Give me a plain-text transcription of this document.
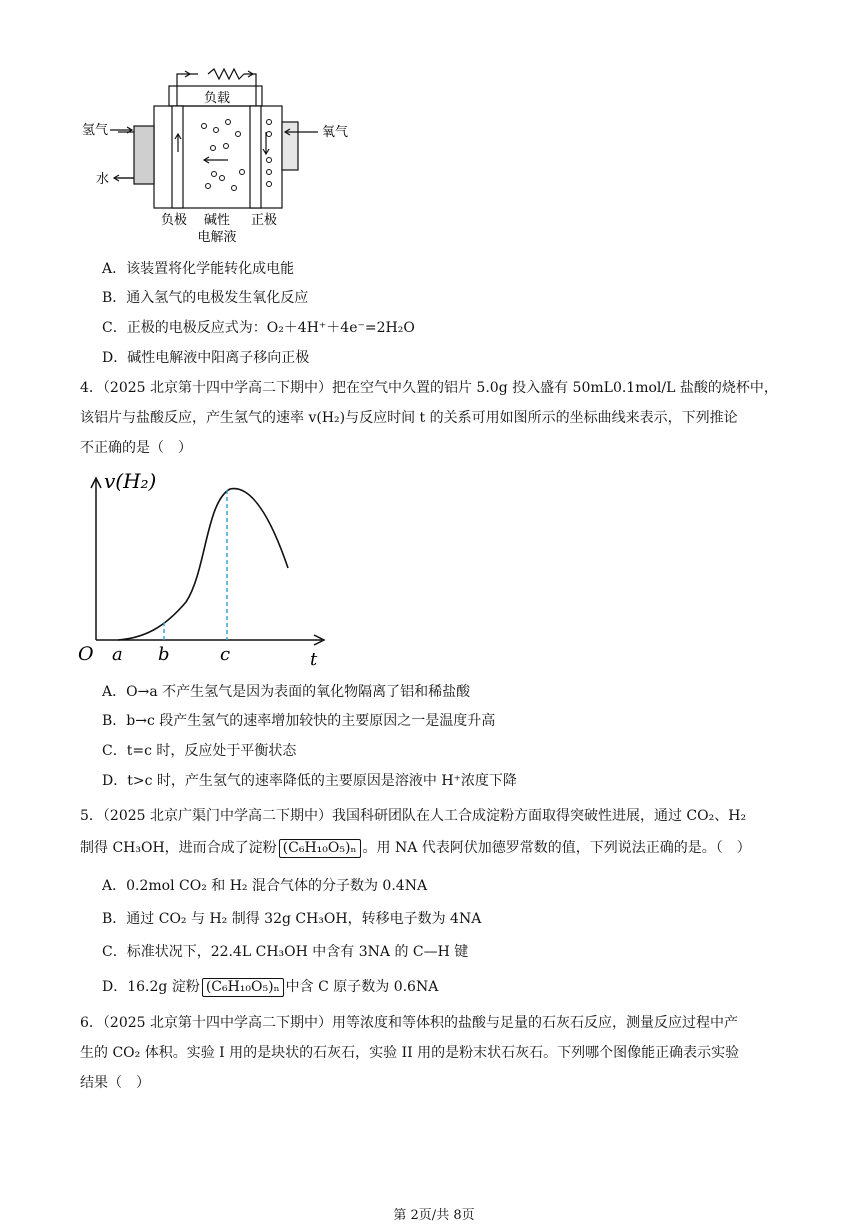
负载
氢气
水
氧气
负极 碱性
电解液
正极
A．该装置将化学能转化成电能
B．通入氢气的电极发生氧化反应
C．正极的电极反应式为：O₂＋4H⁺＋4e⁻=2H₂O
D．碱性电解液中阳离子移向正极
4．（2025 北京第十四中学高二下期中）把在空气中久置的铝片 5.0g 投入盛有 50mL0.1mol/L 盐酸的烧杯中，
该铝片与盐酸反应，产生氢气的速率 v(H₂)与反应时间 t 的关系可用如图所示的坐标曲线来表示，下列推论
不正确的是（　）
v(H₂)
O a b	c	t
A．O→a 不产生氢气是因为表面的氧化物隔离了铝和稀盐酸
B．b→c 段产生氢气的速率增加较快的主要原因之一是温度升高
C．t=c 时，反应处于平衡状态
D．t>c 时，产生氢气的速率降低的主要原因是溶液中 H⁺浓度下降
5．（2025 北京广渠门中学高二下期中）我国科研团队在人工合成淀粉方面取得突破性进展，通过 CO₂、H₂
制得 CH₃OH，进而合成了淀粉 (C₆H₁₀O₅)ₙ 。用 NA 代表阿伏加德罗常数的值，下列说法正确的是。（　）
A．0.2mol CO₂ 和 H₂ 混合气体的分子数为 0.4NA
B．通过 CO₂ 与 H₂ 制得 32g CH₃OH，转移电子数为 4NA
C．标准状况下，22.4L CH₃OH 中含有 3NA 的 C—H 键
D．16.2g 淀粉 (C₆H₁₀O₅)ₙ 中含 C 原子数为 0.6NA
6．（2025 北京第十四中学高二下期中）用等浓度和等体积的盐酸与足量的石灰石反应，测量反应过程中产
生的 CO₂ 体积。实验 I 用的是块状的石灰石，实验 II 用的是粉末状石灰石。下列哪个图像能正确表示实验
结果（　）
第 2页/共 8页
